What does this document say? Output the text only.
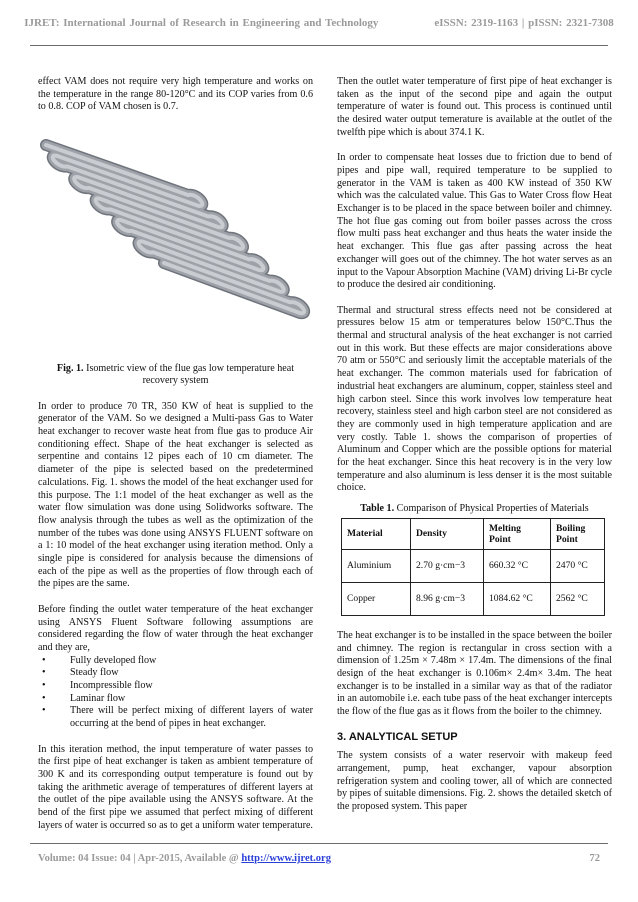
IJRET: International Journal of Research in Engineering and Technology	eISSN: 2319-1163 | pISSN: 2321-7308

effect VAM does not require very high temperature and works on the temperature in the range 80-120°C and its COP varies from 0.6 to 0.8. COP of VAM chosen is 0.7.

Fig. 1. Isometric view of the flue gas low temperature heat recovery system

In order to produce 70 TR, 350 KW of heat is supplied to the generator of the VAM. So we designed a Multi-pass Gas to Water heat exchanger to recover waste heat from flue gas to produce Air conditioning effect. Shape of the heat exchanger is selected as serpentine and contains 12 pipes each of 10 cm diameter. The diameter of the pipe is selected based on the predetermined calculations. Fig. 1. shows the model of the heat exchanger used for this purpose. The 1:1 model of the heat exchanger as well as the water flow simulation was done using Solidworks software. The flow analysis through the tubes as well as the optimization of the number of the tubes was done using ANSYS FLUENT software on a 1: 10 model of the heat exchanger using iteration method. Only a single pipe is considered for analysis because the dimensions of each of the pipe as well as the properties of flow through each of the pipes are the same.

Before finding the outlet water temperature of the heat exchanger using ANSYS Fluent Software following assumptions are considered regarding the flow of water through the heat exchanger and they are,

• Fully developed flow
• Steady flow
• Incompressible flow
• Laminar flow
• There will be perfect mixing of different layers of water occurring at the bend of pipes in heat exchanger.

In this iteration method, the input temperature of water passes to the first pipe of heat exchanger is taken as ambient temperature of 300 K and its corresponding output temperature is found out by taking the arithmetic average of temperatures of different layers at the outlet of the pipe available using the ANSYS software. At the bend of the first pipe we assumed that perfect mixing of different layers of water is occurred so as to get a uniform water temperature.

Then the outlet water temperature of first pipe of heat exchanger is taken as the input of the second pipe and again the output temperature of water is found out. This process is continued until the desired water output temerature is available at the outlet of the twelfth pipe which is about 374.1 K.

In order to compensate heat losses due to friction due to bend of pipes and pipe wall, required temperature to be supplied to generator in the VAM is taken as 400 KW instead of 350 KW which was the calculated value. This Gas to Water Cross flow Heat Exchanger is to be placed in the space between boiler and chimney. The hot flue gas coming out from boiler passes across the cross flow multi pass heat exchanger and thus heats the water inside the heat exchanger. This flue gas after passing across the heat exchanger will goes out of the chimney. The hot water serves as an input to the Vapour Absorption Machine (VAM) driving Li-Br cycle to produce the desired air conditioning.

Thermal and structural stress effects need not be considered at pressures below 15 atm or temperatures below 150°C.Thus the thermal and structural analysis of the heat exchanger is not carried out in this work. But these effects are major considerations above 70 atm or 550°C and seriously limit the acceptable materials of the heat exchanger. The common materials used for fabrication of industrial heat exchangers are aluminum, copper, stainless steel and high carbon steel. Since this work involves low temperature heat recovery, stainless steel and high carbon steel are not considered as they are commonly used in high temperature application and are very costly. Table 1. shows the comparison of properties of Aluminum and Copper which are the possible options for material for the heat exchanger. Since this heat recovery is in the very low temperature and also aluminum is less denser it is the most suitable choice.

Table 1. Comparison of Physical Properties of Materials
Material	Density	Melting Point	Boiling Point
Aluminium	2.70 g·cm−3	660.32 °C	2470 °C
Copper	8.96 g·cm−3	1084.62 °C	2562 °C

The heat exchanger is to be installed in the space between the boiler and chimney. The region is rectangular in cross section with a dimension of 1.25m × 7.48m × 17.4m. The dimensions of the final design of the heat exchanger is 0.106m× 2.4m× 3.4m. The heat exchanger is to be installed in a similar way as that of the radiator in an automobile i.e. each tube pass of the heat exchanger intercepts the flow of the flue gas as it flows from the boiler to the chimney.

3. ANALYTICAL SETUP

The system consists of a water reservoir with makeup feed arrangement, pump, heat exchanger, vapour absorption refrigeration system and cooling tower, all of which are connected by pipes of suitable dimensions. Fig. 2. shows the detailed sketch of the proposed system. This paper

Volume: 04 Issue: 04 | Apr-2015, Available @ http://www.ijret.org	72
